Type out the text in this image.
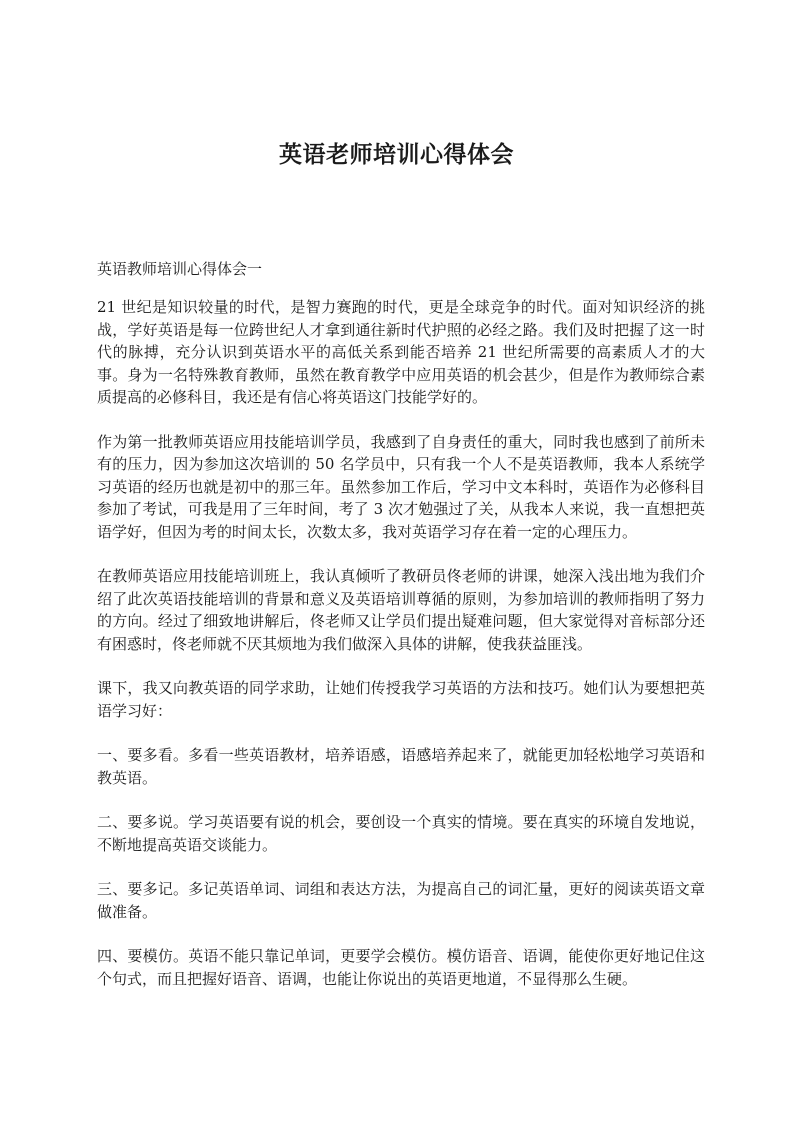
英语老师培训心得体会
英语教师培训心得体会一

21 世纪是知识较量的时代，是智力赛跑的时代，更是全球竞争的时代。面对知识经济的挑战，学好英语是每一位跨世纪人才拿到通往新时代护照的必经之路。我们及时把握了这一时代的脉搏，充分认识到英语水平的高低关系到能否培养 21 世纪所需要的高素质人才的大事。身为一名特殊教育教师，虽然在教育教学中应用英语的机会甚少，但是作为教师综合素质提高的必修科目，我还是有信心将英语这门技能学好的。

作为第一批教师英语应用技能培训学员，我感到了自身责任的重大，同时我也感到了前所未有的压力，因为参加这次培训的 50 名学员中，只有我一个人不是英语教师，我本人系统学习英语的经历也就是初中的那三年。虽然参加工作后，学习中文本科时，英语作为必修科目参加了考试，可我是用了三年时间，考了 3 次才勉强过了关，从我本人来说，我一直想把英语学好，但因为考的时间太长，次数太多，我对英语学习存在着一定的心理压力。

在教师英语应用技能培训班上，我认真倾听了教研员佟老师的讲课，她深入浅出地为我们介绍了此次英语技能培训的背景和意义及英语培训尊循的原则，为参加培训的教师指明了努力的方向。经过了细致地讲解后，佟老师又让学员们提出疑难问题，但大家觉得对音标部分还有困惑时，佟老师就不厌其烦地为我们做深入具体的讲解，使我获益匪浅。

课下，我又向教英语的同学求助，让她们传授我学习英语的方法和技巧。她们认为要想把英语学习好：

一、要多看。多看一些英语教材，培养语感，语感培养起来了，就能更加轻松地学习英语和教英语。

二、要多说。学习英语要有说的机会，要创设一个真实的情境。要在真实的环境自发地说，不断地提高英语交谈能力。

三、要多记。多记英语单词、词组和表达方法，为提高自己的词汇量，更好的阅读英语文章做准备。

四、要模仿。英语不能只靠记单词，更要学会模仿。模仿语音、语调，能使你更好地记住这个句式，而且把握好语音、语调，也能让你说出的英语更地道，不显得那么生硬。
